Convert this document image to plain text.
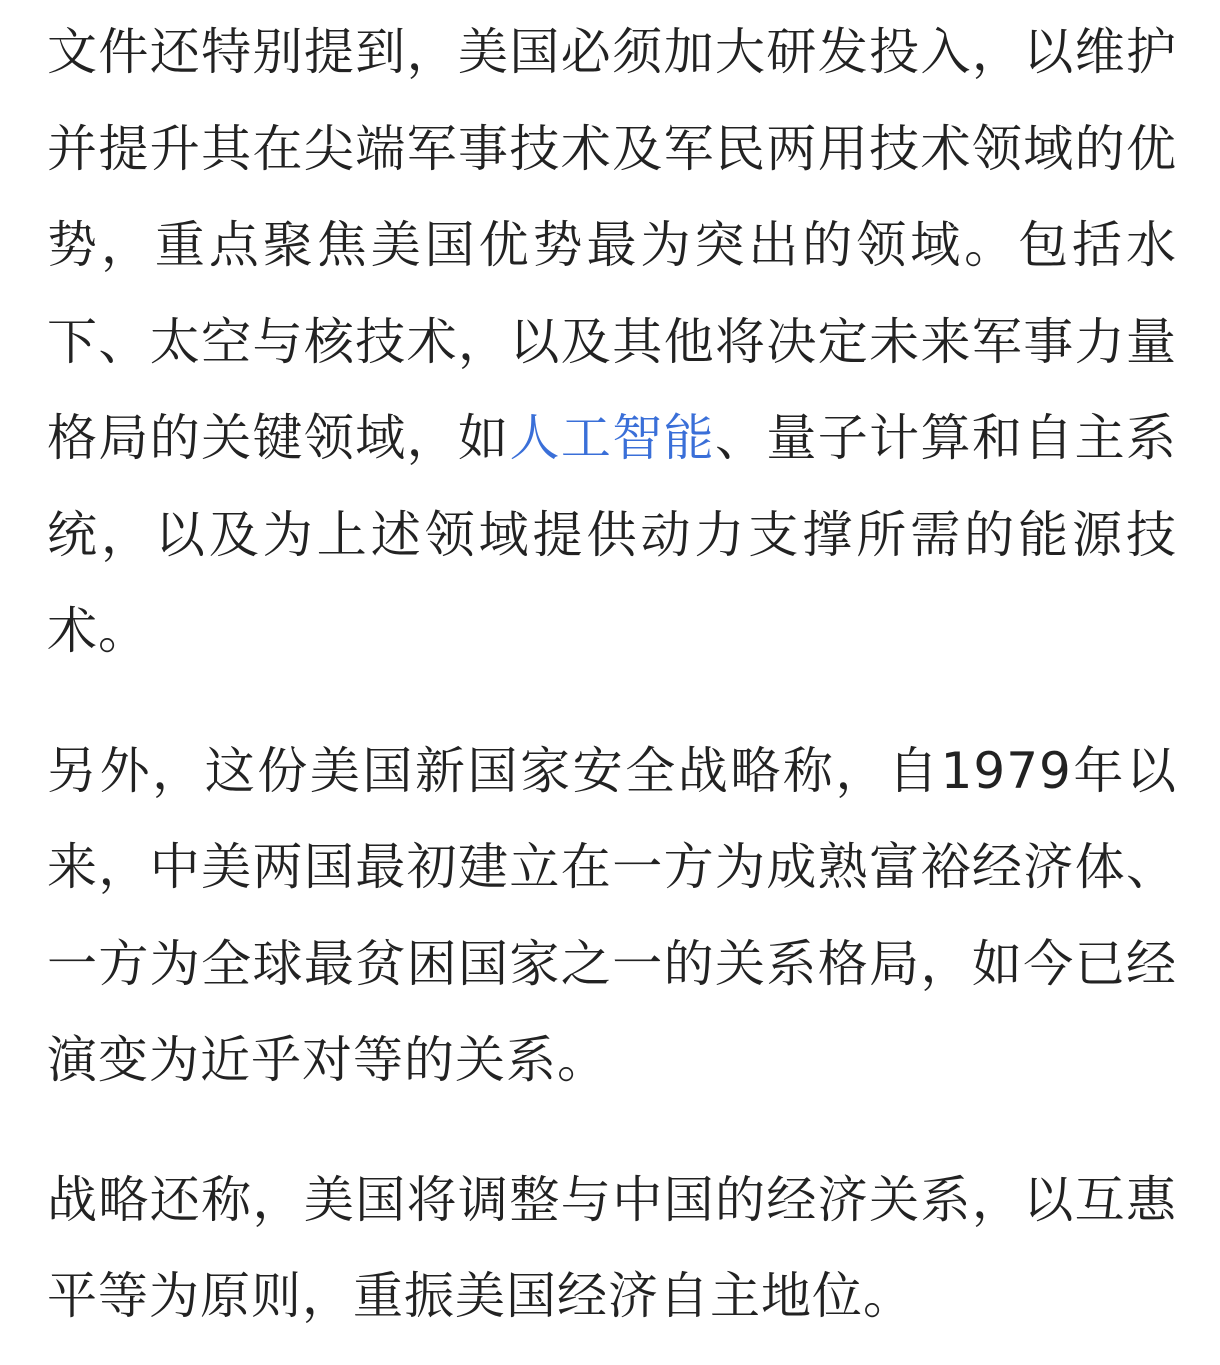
文件还特别提到，美国必须加大研发投入，以维护并提升其在尖端军事技术及军民两用技术领域的优势，重点聚焦美国优势最为突出的领域。包括水下、太空与核技术，以及其他将决定未来军事力量格局的关键领域，如人工智能、量子计算和自主系统，以及为上述领域提供动力支撑所需的能源技术。

另外，这份美国新国家安全战略称，自1979年以来，中美两国最初建立在一方为成熟富裕经济体、一方为全球最贫困国家之一的关系格局，如今已经演变为近乎对等的关系。

战略还称，美国将调整与中国的经济关系，以互惠平等为原则，重振美国经济自主地位。
